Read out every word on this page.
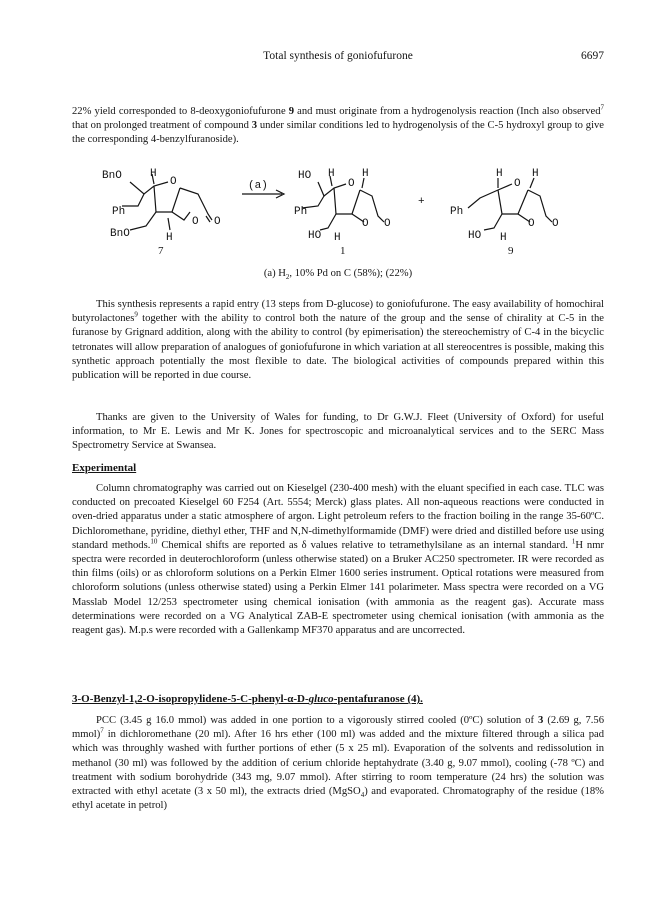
Total synthesis of goniofufurone	6697

22% yield corresponded to 8-deoxygoniofufurone 9 and must originate from a hydrogenolysis reaction (Inch also observed$^7$ that on prolonged treatment of compound 3 under similar conditions led to hydrogenolysis of the C-5 hydroxyl group to give the corresponding 4-benzylfuranoside).

BnO	H
O
Ph
BnO
O O
H
7
(a)
HO H
O
H
Ph
HO
O O
H
1
+
H
O
H
Ph
HO
O O
H
9
(a) $H_2$, 10% Pd on C (58%); (22%)

This synthesis represents a rapid entry (13 steps from D-glucose) to goniofufurone. The easy availability of homochiral butyrolactones$^9$ together with the ability to control both the nature of the group and the sense of chirality at C-5 in the furanose by Grignard addition, along with the ability to control (by epimerisation) the stereochemistry of C-4 in the bicyclic tetronates will allow preparation of analogues of goniofufurone in which variation at all stereocentres is possible, making this synthetic approach potentially the most flexible to date. The biological activities of compounds prepared within this publication will be reported in due course.

Thanks are given to the University of Wales for funding, to Dr G.W.J. Fleet (University of Oxford) for useful information, to Mr E. Lewis and Mr K. Jones for spectroscopic and microanalytical services and to the SERC Mass Spectrometry Service at Swansea.

Experimental

Column chromatography was carried out on Kieselgel (230-400 mesh) with the eluant specified in each case. TLC was conducted on precoated Kieselgel 60 F254 (Art. 5554; Merck) glass plates. All non-aqueous reactions were conducted in oven-dried apparatus under a static atmosphere of argon. Light petroleum refers to the fraction boiling in the range 35-60ºC. Dichloromethane, pyridine, diethyl ether, THF and N,N-dimethylformamide (DMF) were dried and distilled before use using standard methods.$^{10}$ Chemical shifts are reported as δ values relative to tetramethylsilane as an internal standard. $^1$H nmr spectra were recorded in deuterochloroform (unless otherwise stated) on a Bruker AC250 spectrometer. IR were recorded as thin films (oils) or as chloroform solutions on a Perkin Elmer 1600 series instrument. Optical rotations were measured from chloroform solutions (unless otherwise stated) using a Perkin Elmer 141 polarimeter. Mass spectra were recorded on a VG Masslab Model 12/253 spectrometer using chemical ionisation (with ammonia as the reagent gas). Accurate mass determinations were recorded on a VG Analytical ZAB-E spectrometer using chemical ionisation (with ammonia as the reagent gas). M.p.s were recorded with a Gallenkamp MF370 apparatus and are uncorrected.

3-O-Benzyl-1,2-O-isopropylidene-5-C-phenyl-α-D-gluco-pentafuranose (4).

PCC (3.45 g 16.0 mmol) was added in one portion to a vigorously stirred cooled (0ºC) solution of 3 (2.69 g, 7.56 mmol)$^7$ in dichloromethane (20 ml). After 16 hrs ether (100 ml) was added and the mixture filtered through a silica pad which was throughly washed with further portions of ether (5 x 25 ml). Evaporation of the solvents and redissolution in methanol (30 ml) was followed by the addition of cerium chloride heptahydrate (3.40 g, 9.07 mmol), cooling (-78 ºC) and treatment with sodium borohydride (343 mg, 9.07 mmol). After stirring to room temperature (24 hrs) the solution was extracted with ethyl acetate (3 x 50 ml), the extracts dried (MgSO$_4$) and evaporated. Chromatography of the residue (18% ethyl acetate in petrol)
